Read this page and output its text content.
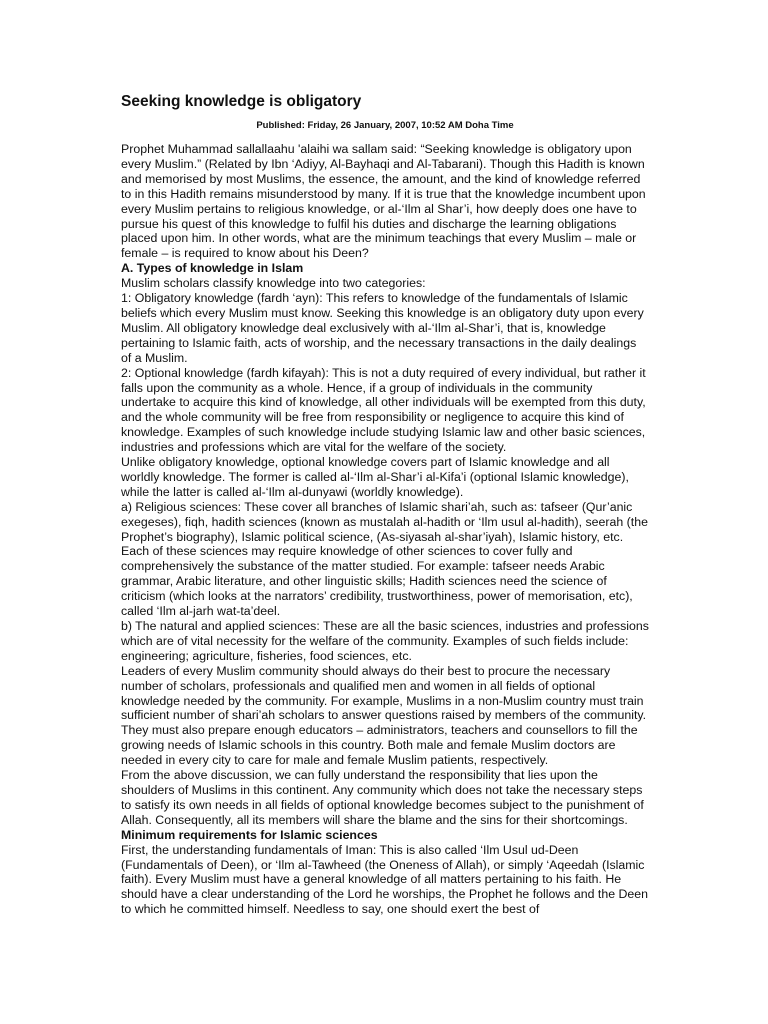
Seeking knowledge is obligatory
Published: Friday, 26 January, 2007, 10:52 AM Doha Time

Prophet Muhammad sallallaahu 'alaihi wa sallam said: “Seeking knowledge is obligatory upon every Muslim.” (Related by Ibn ‘Adiyy, Al-Bayhaqi and Al-Tabarani). Though this Hadith is known and memorised by most Muslims, the essence, the amount, and the kind of knowledge referred to in this Hadith remains misunderstood by many. If it is true that the knowledge incumbent upon every Muslim pertains to religious knowledge, or al-‘Ilm al Shar’i, how deeply does one have to pursue his quest of this knowledge to fulfil his duties and discharge the learning obligations placed upon him. In other words, what are the minimum teachings that every Muslim – male or female – is required to know about his Deen?

A. Types of knowledge in Islam

Muslim scholars classify knowledge into two categories:

1: Obligatory knowledge (fardh ‘ayn): This refers to knowledge of the fundamentals of Islamic beliefs which every Muslim must know. Seeking this knowledge is an obligatory duty upon every Muslim. All obligatory knowledge deal exclusively with al-‘Ilm al-Shar’i, that is, knowledge pertaining to Islamic faith, acts of worship, and the necessary transactions in the daily dealings of a Muslim.

2: Optional knowledge (fardh kifayah): This is not a duty required of every individual, but rather it falls upon the community as a whole. Hence, if a group of individuals in the community undertake to acquire this kind of knowledge, all other individuals will be exempted from this duty, and the whole community will be free from responsibility or negligence to acquire this kind of knowledge. Examples of such knowledge include studying Islamic law and other basic sciences, industries and professions which are vital for the welfare of the society.

Unlike obligatory knowledge, optional knowledge covers part of Islamic knowledge and all worldly knowledge. The former is called al-‘Ilm al-Shar’i al-Kifa’i (optional Islamic knowledge), while the latter is called al-‘Ilm al-dunyawi (worldly knowledge).

a) Religious sciences: These cover all branches of Islamic shari’ah, such as: tafseer (Qur’anic exegeses), fiqh, hadith sciences (known as mustalah al-hadith or ‘Ilm usul al-hadith), seerah (the Prophet’s biography), Islamic political science, (As-siyasah al-shar’iyah), Islamic history, etc.

Each of these sciences may require knowledge of other sciences to cover fully and comprehensively the substance of the matter studied. For example: tafseer needs Arabic grammar, Arabic literature, and other linguistic skills; Hadith sciences need the science of criticism (which looks at the narrators’ credibility, trustworthiness, power of memorisation, etc), called ‘Ilm al-jarh wat-ta’deel.

b) The natural and applied sciences: These are all the basic sciences, industries and professions which are of vital necessity for the welfare of the community. Examples of such fields include: engineering; agriculture, fisheries, food sciences, etc.

Leaders of every Muslim community should always do their best to procure the necessary number of scholars, professionals and qualified men and women in all fields of optional knowledge needed by the community. For example, Muslims in a non-Muslim country must train sufficient number of shari’ah scholars to answer questions raised by members of the community. They must also prepare enough educators – administrators, teachers and counsellors to fill the growing needs of Islamic schools in this country. Both male and female Muslim doctors are needed in every city to care for male and female Muslim patients, respectively.

From the above discussion, we can fully understand the responsibility that lies upon the shoulders of Muslims in this continent. Any community which does not take the necessary steps to satisfy its own needs in all fields of optional knowledge becomes subject to the punishment of Allah. Consequently, all its members will share the blame and the sins for their shortcomings.

Minimum requirements for Islamic sciences

First, the understanding fundamentals of Iman: This is also called ‘Ilm Usul ud-Deen (Fundamentals of Deen), or ‘Ilm al-Tawheed (the Oneness of Allah), or simply ‘Aqeedah (Islamic faith). Every Muslim must have a general knowledge of all matters pertaining to his faith. He should have a clear understanding of the Lord he worships, the Prophet he follows and the Deen to which he committed himself. Needless to say, one should exert the best of
